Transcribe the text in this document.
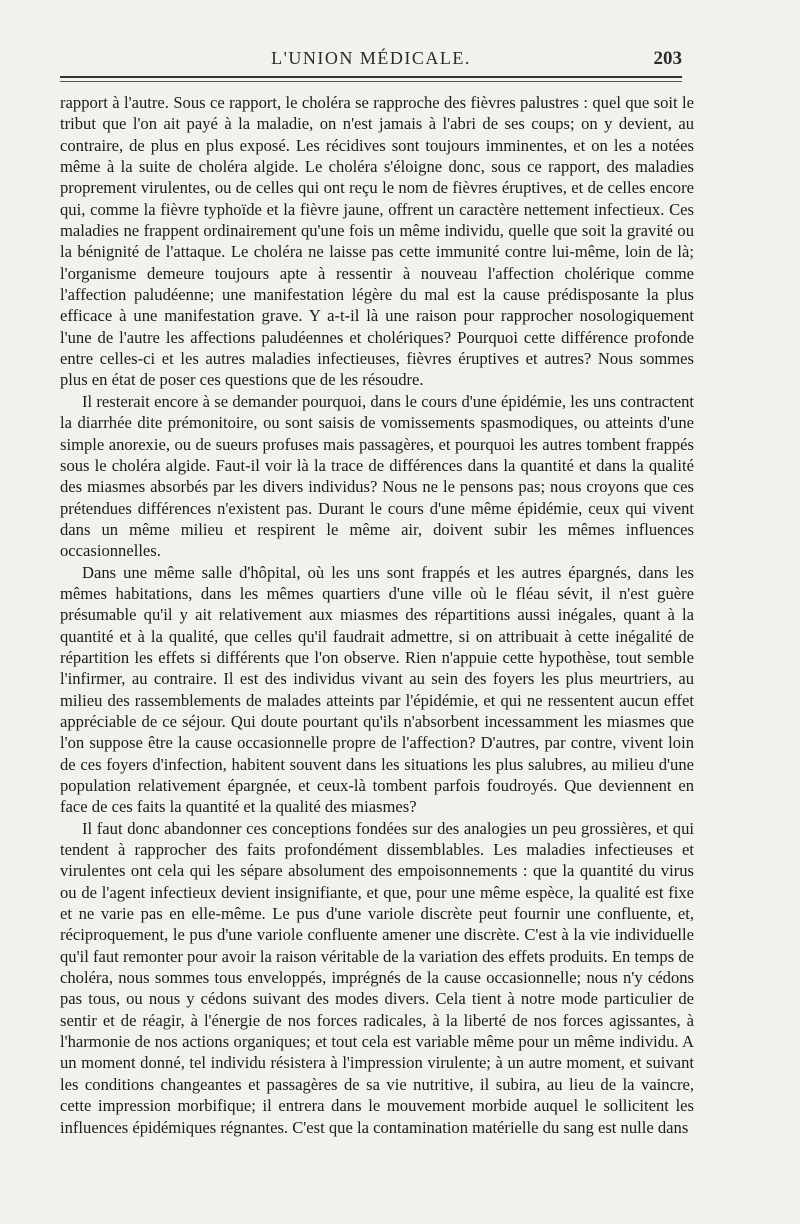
L'UNION MÉDICALE.	203

rapport à l'autre. Sous ce rapport, le choléra se rapproche des fièvres palustres : quel que soit le tribut que l'on ait payé à la maladie, on n'est jamais à l'abri de ses coups; on y devient, au contraire, de plus en plus exposé. Les récidives sont toujours imminentes, et on les a notées même à la suite de choléra algide. Le choléra s'éloigne donc, sous ce rapport, des maladies proprement virulentes, ou de celles qui ont reçu le nom de fièvres éruptives, et de celles encore qui, comme la fièvre typhoïde et la fièvre jaune, offrent un caractère nettement infectieux. Ces maladies ne frappent ordinairement qu'une fois un même individu, quelle que soit la gravité ou la bénignité de l'attaque. Le choléra ne laisse pas cette immunité contre lui-même, loin de là; l'organisme demeure toujours apte à ressentir à nouveau l'affection cholérique comme l'affection paludéenne; une manifestation légère du mal est la cause prédisposante la plus efficace à une manifestation grave. Y a-t-il là une raison pour rapprocher nosologiquement l'une de l'autre les affections paludéennes et cholériques? Pourquoi cette différence profonde entre celles-ci et les autres maladies infectieuses, fièvres éruptives et autres? Nous sommes plus en état de poser ces questions que de les résoudre.

Il resterait encore à se demander pourquoi, dans le cours d'une épidémie, les uns contractent la diarrhée dite prémonitoire, ou sont saisis de vomissements spasmodiques, ou atteints d'une simple anorexie, ou de sueurs profuses mais passagères, et pourquoi les autres tombent frappés sous le choléra algide. Faut-il voir là la trace de différences dans la quantité et dans la qualité des miasmes absorbés par les divers individus? Nous ne le pensons pas; nous croyons que ces prétendues différences n'existent pas. Durant le cours d'une même épidémie, ceux qui vivent dans un même milieu et respirent le même air, doivent subir les mêmes influences occasionnelles.

Dans une même salle d'hôpital, où les uns sont frappés et les autres épargnés, dans les mêmes habitations, dans les mêmes quartiers d'une ville où le fléau sévit, il n'est guère présumable qu'il y ait relativement aux miasmes des répartitions aussi inégales, quant à la quantité et à la qualité, que celles qu'il faudrait admettre, si on attribuait à cette inégalité de répartition les effets si différents que l'on observe. Rien n'appuie cette hypothèse, tout semble l'infirmer, au contraire. Il est des individus vivant au sein des foyers les plus meurtriers, au milieu des rassemblements de malades atteints par l'épidémie, et qui ne ressentent aucun effet appréciable de ce séjour. Qui doute pourtant qu'ils n'absorbent incessamment les miasmes que l'on suppose être la cause occasionnelle propre de l'affection? D'autres, par contre, vivent loin de ces foyers d'infection, habitent souvent dans les situations les plus salubres, au milieu d'une population relativement épargnée, et ceux-là tombent parfois foudroyés. Que deviennent en face de ces faits la quantité et la qualité des miasmes?

Il faut donc abandonner ces conceptions fondées sur des analogies un peu grossières, et qui tendent à rapprocher des faits profondément dissemblables. Les maladies infectieuses et virulentes ont cela qui les sépare absolument des empoisonnements : que la quantité du virus ou de l'agent infectieux devient insignifiante, et que, pour une même espèce, la qualité est fixe et ne varie pas en elle-même. Le pus d'une variole discrète peut fournir une confluente, et, réciproquement, le pus d'une variole confluente amener une discrète. C'est à la vie individuelle qu'il faut remonter pour avoir la raison véritable de la variation des effets produits. En temps de choléra, nous sommes tous enveloppés, imprégnés de la cause occasionnelle; nous n'y cédons pas tous, ou nous y cédons suivant des modes divers. Cela tient à notre mode particulier de sentir et de réagir, à l'énergie de nos forces radicales, à la liberté de nos forces agissantes, à l'harmonie de nos actions organiques; et tout cela est variable même pour un même individu. A un moment donné, tel individu résistera à l'impression virulente; à un autre moment, et suivant les conditions changeantes et passagères de sa vie nutritive, il subira, au lieu de la vaincre, cette impression morbifique; il entrera dans le mouvement morbide auquel le sollicitent les influences épidémiques régnantes. C'est que la contamination matérielle du sang est nulle dans
